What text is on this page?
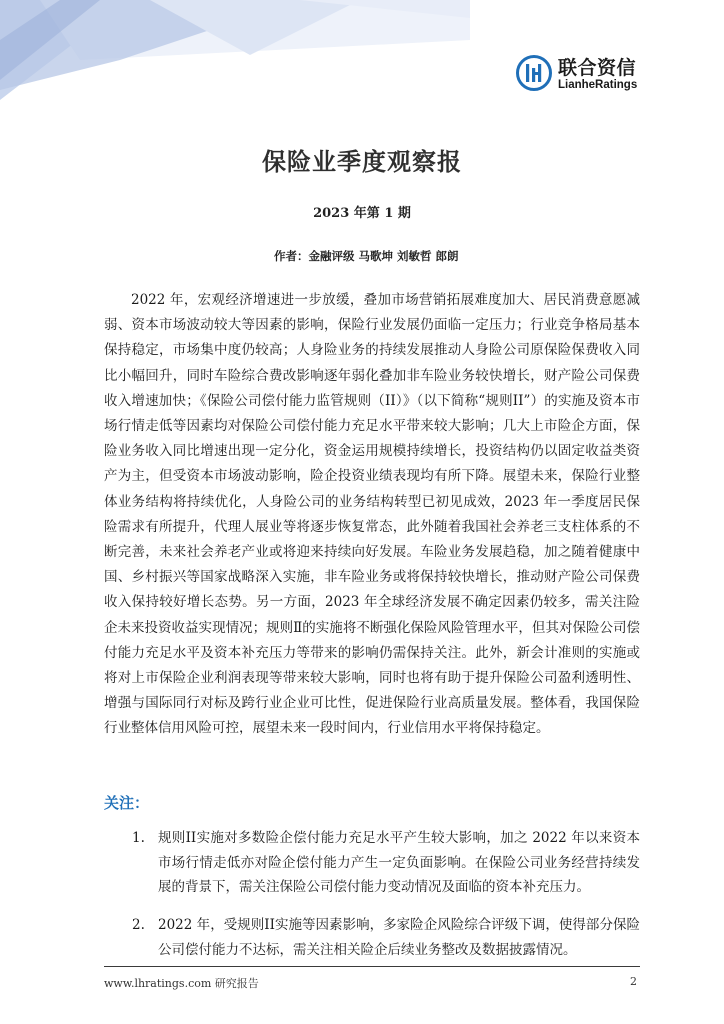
联合资信
LianheRatings
保险业季度观察报
2023 年第 1 期
作者：金融评级 马歌坤 刘敏哲 郎朗

2022 年，宏观经济增速进一步放缓，叠加市场营销拓展难度加大、居民消费意愿减弱、资本市场波动较大等因素的影响，保险行业发展仍面临一定压力；行业竞争格局基本保持稳定，市场集中度仍较高；人身险业务的持续发展推动人身险公司原保险保费收入同比小幅回升，同时车险综合费改影响逐年弱化叠加非车险业务较快增长，财产险公司保费收入增速加快；《保险公司偿付能力监管规则（II）》（以下简称“规则II”）的实施及资本市场行情走低等因素均对保险公司偿付能力充足水平带来较大影响；几大上市险企方面，保险业务收入同比增速出现一定分化，资金运用规模持续增长，投资结构仍以固定收益类资产为主，但受资本市场波动影响，险企投资业绩表现均有所下降。展望未来，保险行业整体业务结构将持续优化，人身险公司的业务结构转型已初见成效，2023 年一季度居民保险需求有所提升，代理人展业等将逐步恢复常态，此外随着我国社会养老三支柱体系的不断完善，未来社会养老产业或将迎来持续向好发展。车险业务发展趋稳，加之随着健康中国、乡村振兴等国家战略深入实施，非车险业务或将保持较快增长，推动财产险公司保费收入保持较好增长态势。另一方面，2023 年全球经济发展不确定因素仍较多，需关注险企未来投资收益实现情况；规则Ⅱ的实施将不断强化保险风险管理水平，但其对保险公司偿付能力充足水平及资本补充压力等带来的影响仍需保持关注。此外，新会计准则的实施或将对上市保险企业利润表现等带来较大影响，同时也将有助于提升保险公司盈利透明性、增强与国际同行对标及跨行业企业可比性，促进保险行业高质量发展。整体看，我国保险行业整体信用风险可控，展望未来一段时间内，行业信用水平将保持稳定。

关注：
1. 规则II实施对多数险企偿付能力充足水平产生较大影响，加之 2022 年以来资本市场行情走低亦对险企偿付能力产生一定负面影响。在保险公司业务经营持续发展的背景下，需关注保险公司偿付能力变动情况及面临的资本补充压力。

2. 2022 年，受规则II实施等因素影响，多家险企风险综合评级下调，使得部分保险公司偿付能力不达标，需关注相关险企后续业务整改及数据披露情况。

www.lhratings.com 研究报告	2
